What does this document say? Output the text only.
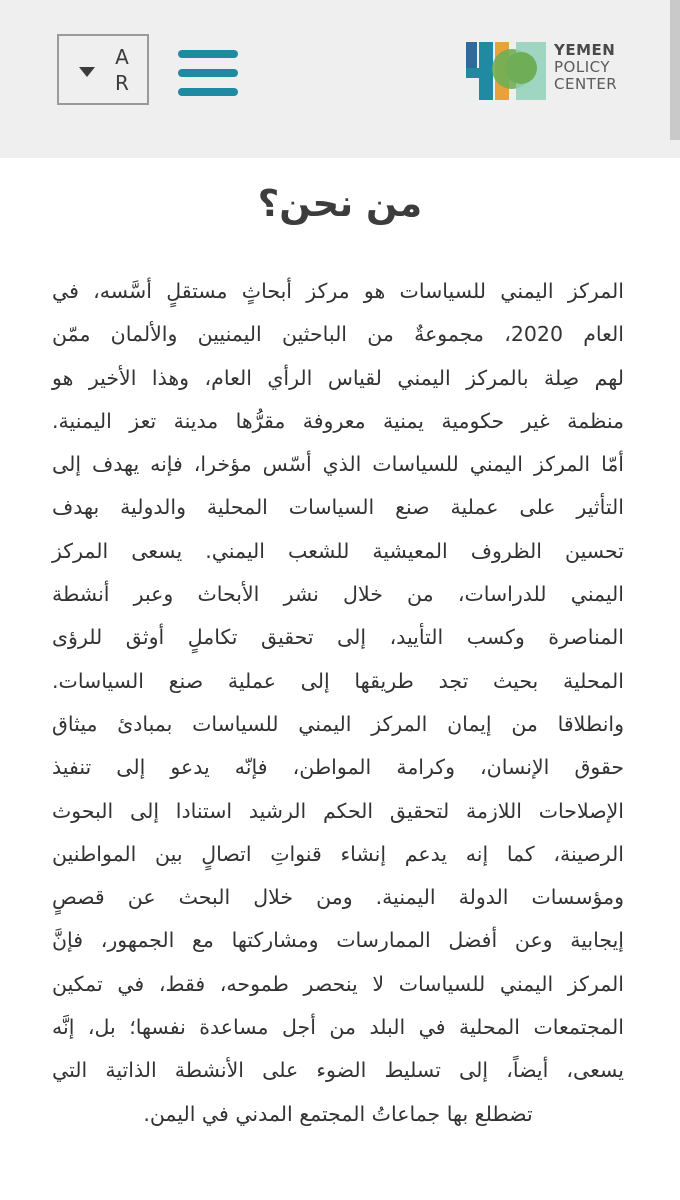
A
R
YEMEN
POLICY
CENTER
من نحن؟
المركز اليمني للسياسات هو مركز أبحاثٍ مستقلٍ أسَّسه، في
العام 2020، مجموعةٌ من الباحثين اليمنيين والألمان ممّن
لهم صِلة بالمركز اليمني لقياس الرأي العام، وهذا الأخير هو
منظمة غير حكومية يمنية معروفة مقرُّها مدينة تعز اليمنية.
أمّا المركز اليمني للسياسات الذي أسّس مؤخرا، فإنه يهدف إلى
التأثير على عملية صنع السياسات المحلية والدولية بهدف
تحسين الظروف المعيشية للشعب اليمني. يسعى المركز
اليمني للدراسات، من خلال نشر الأبحاث وعبر أنشطة
المناصرة وكسب التأييد، إلى تحقيق تكاملٍ أوثق للرؤى
المحلية بحيث تجد طريقها إلى عملية صنع السياسات.
وانطلاقا من إيمان المركز اليمني للسياسات بمبادئ ميثاق
حقوق الإنسان، وكرامة المواطن، فإنّه يدعو إلى تنفيذ
الإصلاحات اللازمة لتحقيق الحكم الرشيد استنادا إلى البحوث
الرصينة، كما إنه يدعم إنشاء قنواتِ اتصالٍ بين المواطنين
ومؤسسات الدولة اليمنية. ومن خلال البحث عن قصصٍ
إيجابية وعن أفضل الممارسات ومشاركتها مع الجمهور، فإنَّ
المركز اليمني للسياسات لا ينحصر طموحه، فقط، في تمكين
المجتمعات المحلية في البلد من أجل مساعدة نفسها؛ بل، إنَّه
يسعى، أيضاً، إلى تسليط الضوء على الأنشطة الذاتية التي
تضطلع بها جماعاتُ المجتمع المدني في اليمن.
